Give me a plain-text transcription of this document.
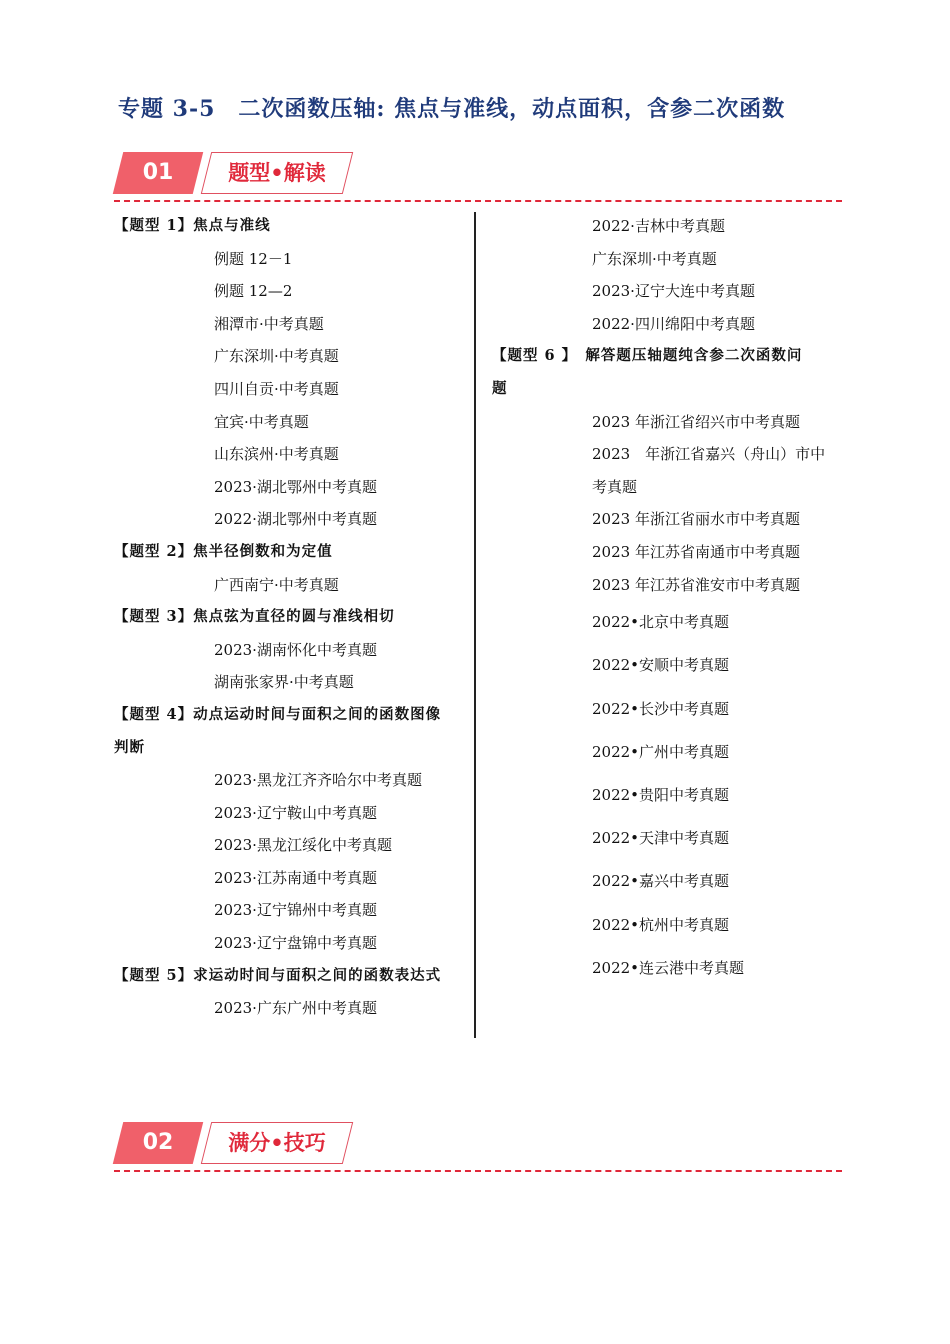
专题 3-5　二次函数压轴: 焦点与准线，动点面积，含参二次函数
01	题型•解读
【题型 1】焦点与准线
例题 12－1
例题 12—2
湘潭市·中考真题
广东深圳·中考真题
四川自贡·中考真题
宜宾·中考真题
山东滨州·中考真题
2023·湖北鄂州中考真题
2022·湖北鄂州中考真题
【题型 2】焦半径倒数和为定值
广西南宁·中考真题
【题型 3】焦点弦为直径的圆与准线相切
2023·湖南怀化中考真题
湖南张家界·中考真题
【题型 4】动点运动时间与面积之间的函数图像
判断
2023·黑龙江齐齐哈尔中考真题
2023·辽宁鞍山中考真题
2023·黑龙江绥化中考真题
2023·江苏南通中考真题
2023·辽宁锦州中考真题
2023·辽宁盘锦中考真题
【题型 5】求运动时间与面积之间的函数表达式
2023·广东广州中考真题
2022·吉林中考真题
广东深圳·中考真题
2023·辽宁大连中考真题
2022·四川绵阳中考真题
【题型 6 】　解答题压轴题纯含参二次函数问
题
2023 年浙江省绍兴市中考真题
2023　年浙江省嘉兴（舟山）市中
考真题
2023 年浙江省丽水市中考真题
2023 年江苏省南通市中考真题
2023 年江苏省淮安市中考真题
2022•北京中考真题
2022•安顺中考真题
2022•长沙中考真题
2022•广州中考真题
2022•贵阳中考真题
2022•天津中考真题
2022•嘉兴中考真题
2022•杭州中考真题
2022•连云港中考真题
02	满分•技巧
